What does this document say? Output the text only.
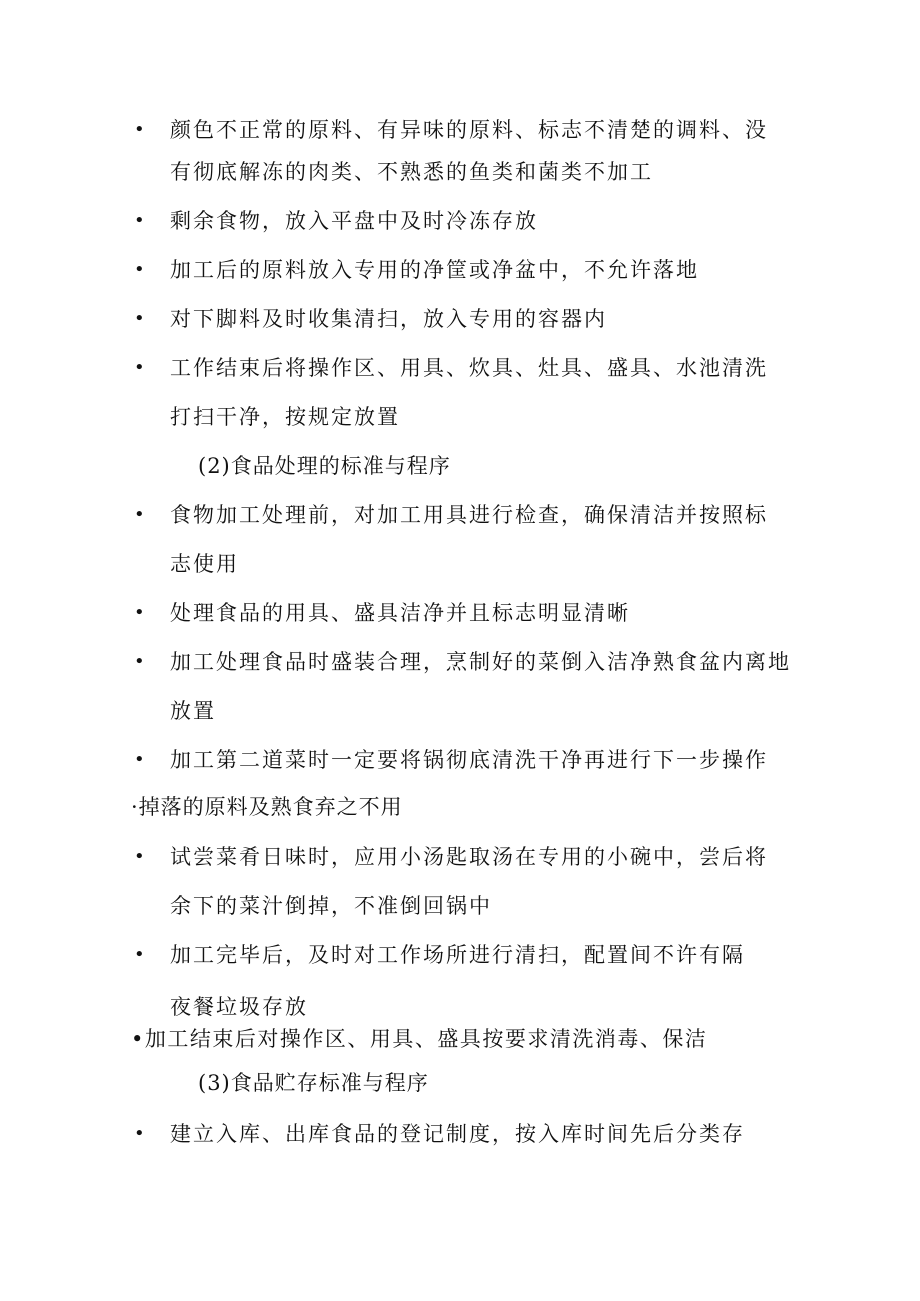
• 颜色不正常的原料、有异味的原料、标志不清楚的调料、没
有彻底解冻的肉类、不熟悉的鱼类和菌类不加工
• 剩余食物，放入平盘中及时冷冻存放
• 加工后的原料放入专用的净筐或净盆中，不允许落地
• 对下脚料及时收集清扫，放入专用的容器内
• 工作结束后将操作区、用具、炊具、灶具、盛具、水池清洗
打扫干净，按规定放置
(2)食品处理的标准与程序
• 食物加工处理前，对加工用具进行检查，确保清洁并按照标
志使用
• 处理食品的用具、盛具洁净并且标志明显清晰
• 加工处理食品时盛装合理，烹制好的菜倒入洁净熟食盆内离地
放置
• 加工第二道菜时一定要将锅彻底清洗干净再进行下一步操作
·掉落的原料及熟食弃之不用
• 试尝菜肴日味时，应用小汤匙取汤在专用的小碗中，尝后将
余下的菜汁倒掉，不准倒回锅中
• 加工完毕后，及时对工作场所进行清扫，配置间不许有隔
夜餐垃圾存放
•加工结束后对操作区、用具、盛具按要求清洗消毒、保洁
(3)食品贮存标准与程序
• 建立入库、出库食品的登记制度，按入库时间先后分类存
